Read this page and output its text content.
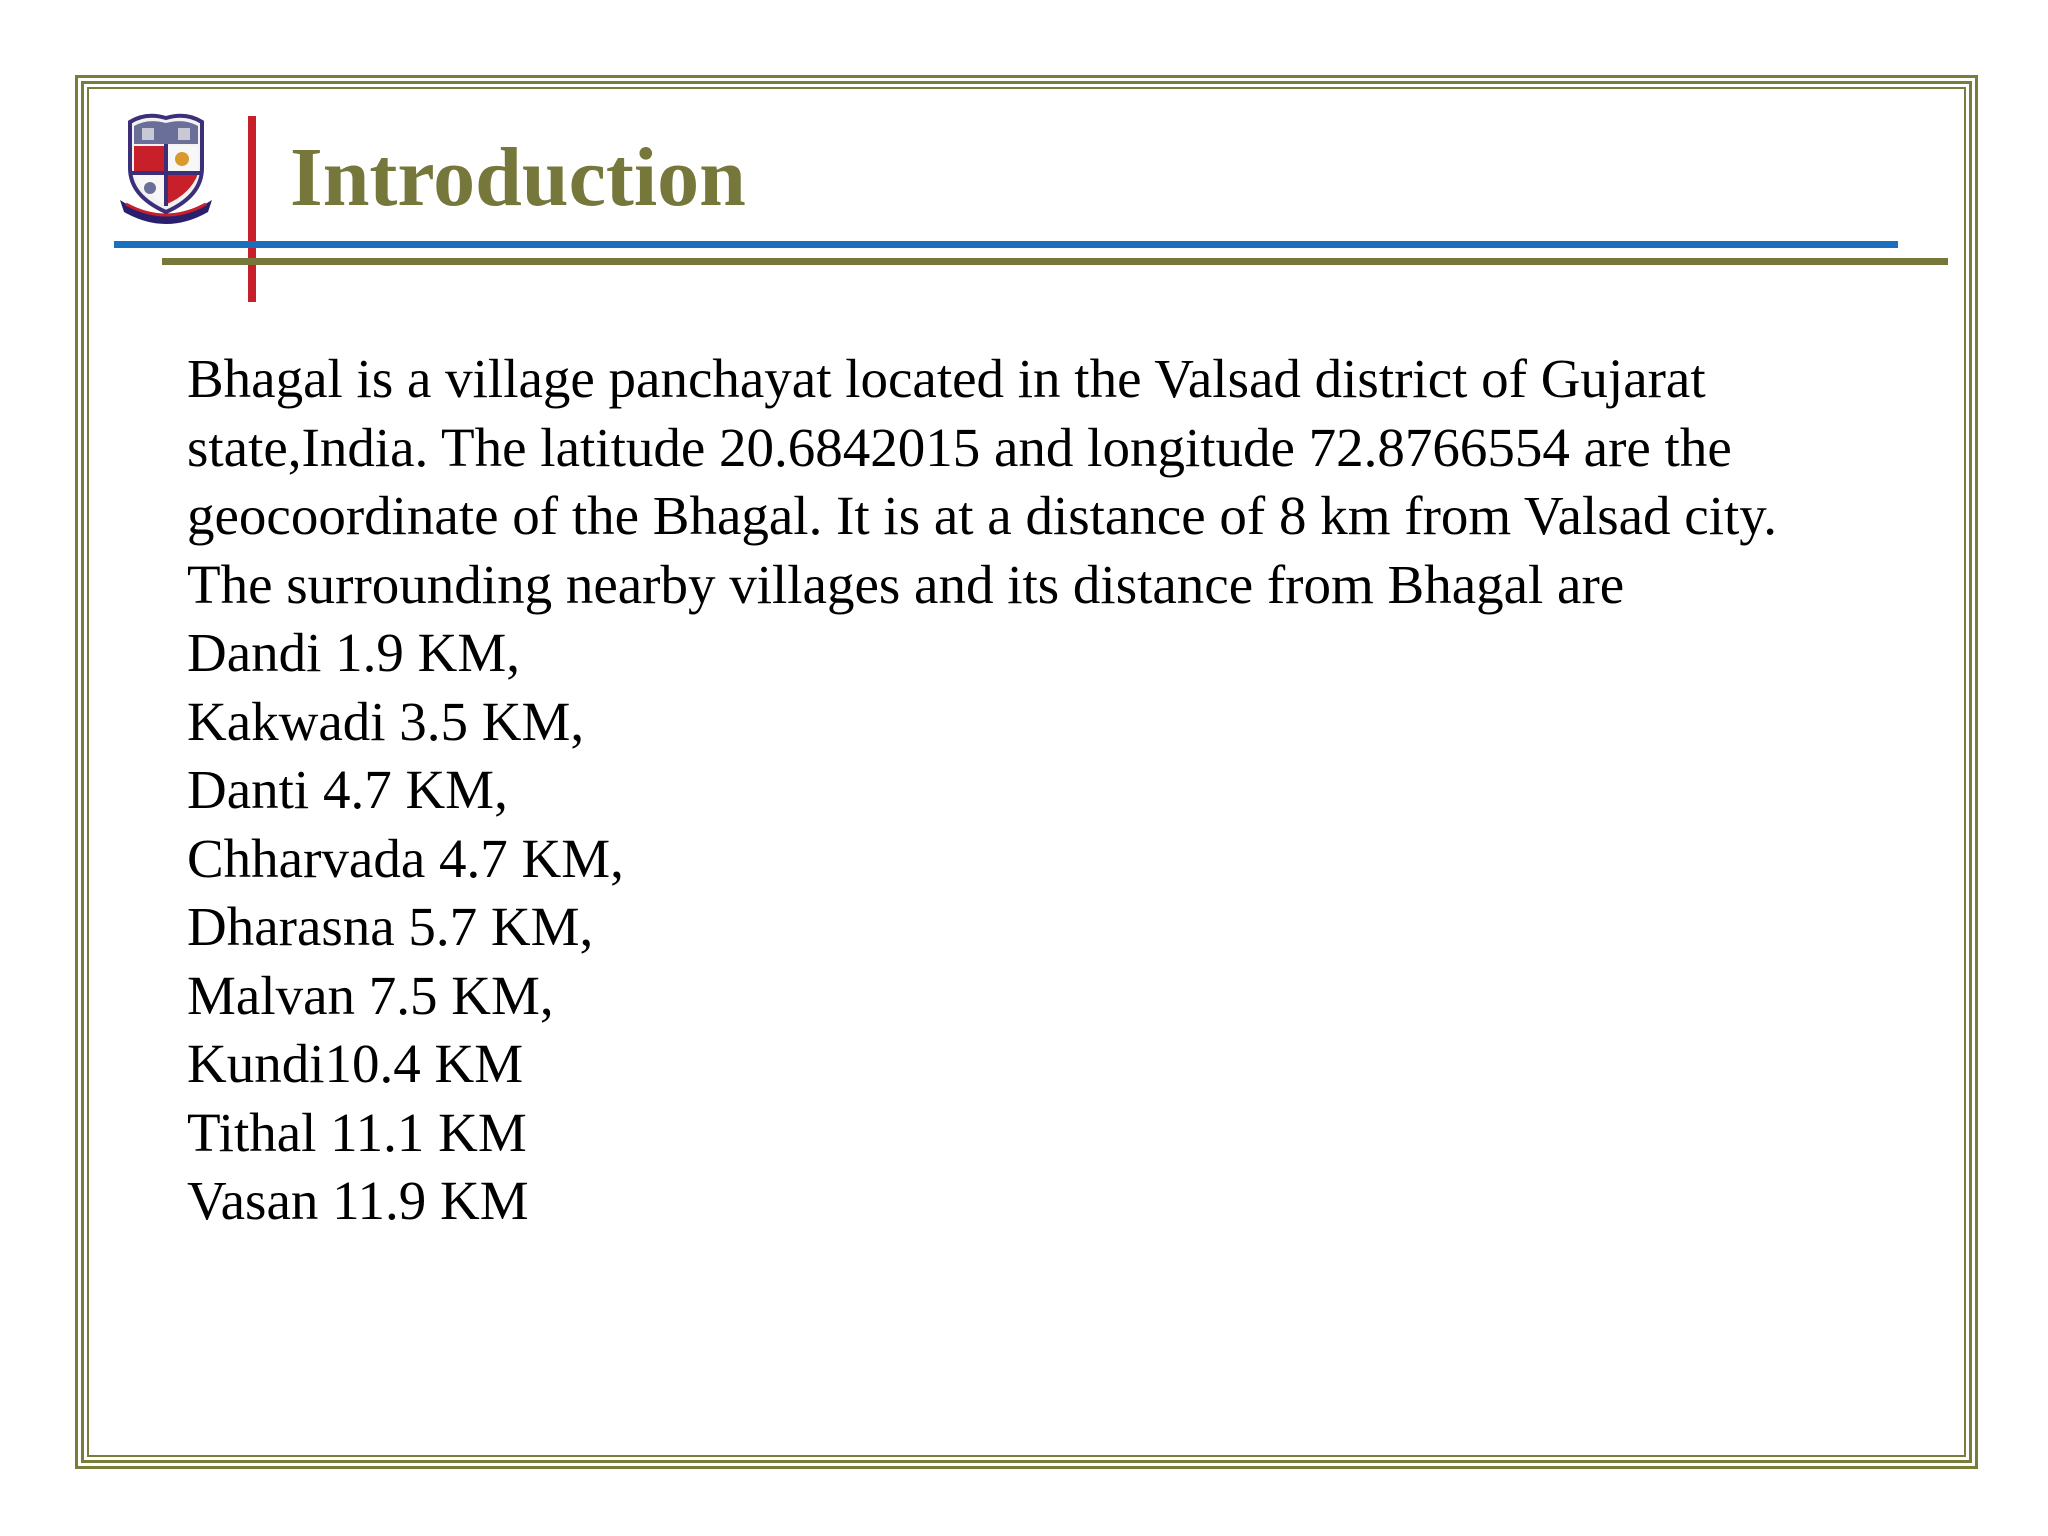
Introduction

Bhagal is a village panchayat located in the Valsad district of Gujarat

state,India. The latitude 20.6842015 and longitude 72.8766554 are the

geocoordinate of the Bhagal. It is at a distance of 8 km from Valsad city.

The surrounding nearby villages and its distance from Bhagal are

Dandi 1.9 KM,
Kakwadi 3.5 KM,
Danti 4.7 KM,
Chharvada 4.7 KM,
Dharasna 5.7 KM,
Malvan 7.5 KM,
Kundi10.4 KM
Tithal 11.1 KM
Vasan 11.9 KM
